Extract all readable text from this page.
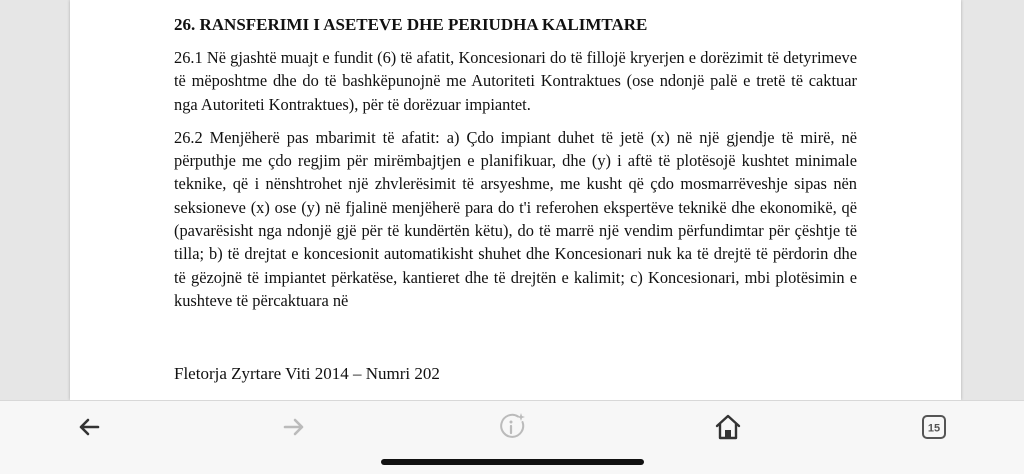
26. RANSFERIMI I ASETEVE DHE PERIUDHA KALIMTARE
26.1 Në gjashtë muajt e fundit (6) të afatit, Koncesionari do të fillojë kryerjen e dorëzimit të detyrimeve të mëposhtme dhe do të bashkëpunojnë me Autoriteti Kontraktues (ose ndonjë palë e tretë të caktuar nga Autoriteti Kontraktues), për të dorëzuar impiantet.
26.2 Menjëherë pas mbarimit të afatit: a) Çdo impiant duhet të jetë (x) në një gjendje të mirë, në përputhje me çdo regjim për mirëmbajtjen e planifikuar, dhe (y) i aftë të plotësojë kushtet minimale teknike, që i nënshtrohet një zhvlerësimit të arsyeshme, me kusht që çdo mosmarrëveshje sipas nën seksioneve (x) ose (y) në fjalinë menjëherë para do t'i referohen ekspertëve teknikë dhe ekonomikë, që (pavarësisht nga ndonjë gjë për të kundërtën këtu), do të marrë një vendim përfundimtar për çështje të tilla; b) të drejtat e koncesionit automatikisht shuhet dhe Koncesionari nuk ka të drejtë të përdorin dhe të gëzojnë të impiantet përkatëse, kantieret dhe të drejtën e kalimit; c) Koncesionari, mbi plotësimin e kushteve të përcaktuara në
Fletorja Zyrtare Viti 2014 – Numri 202
15
